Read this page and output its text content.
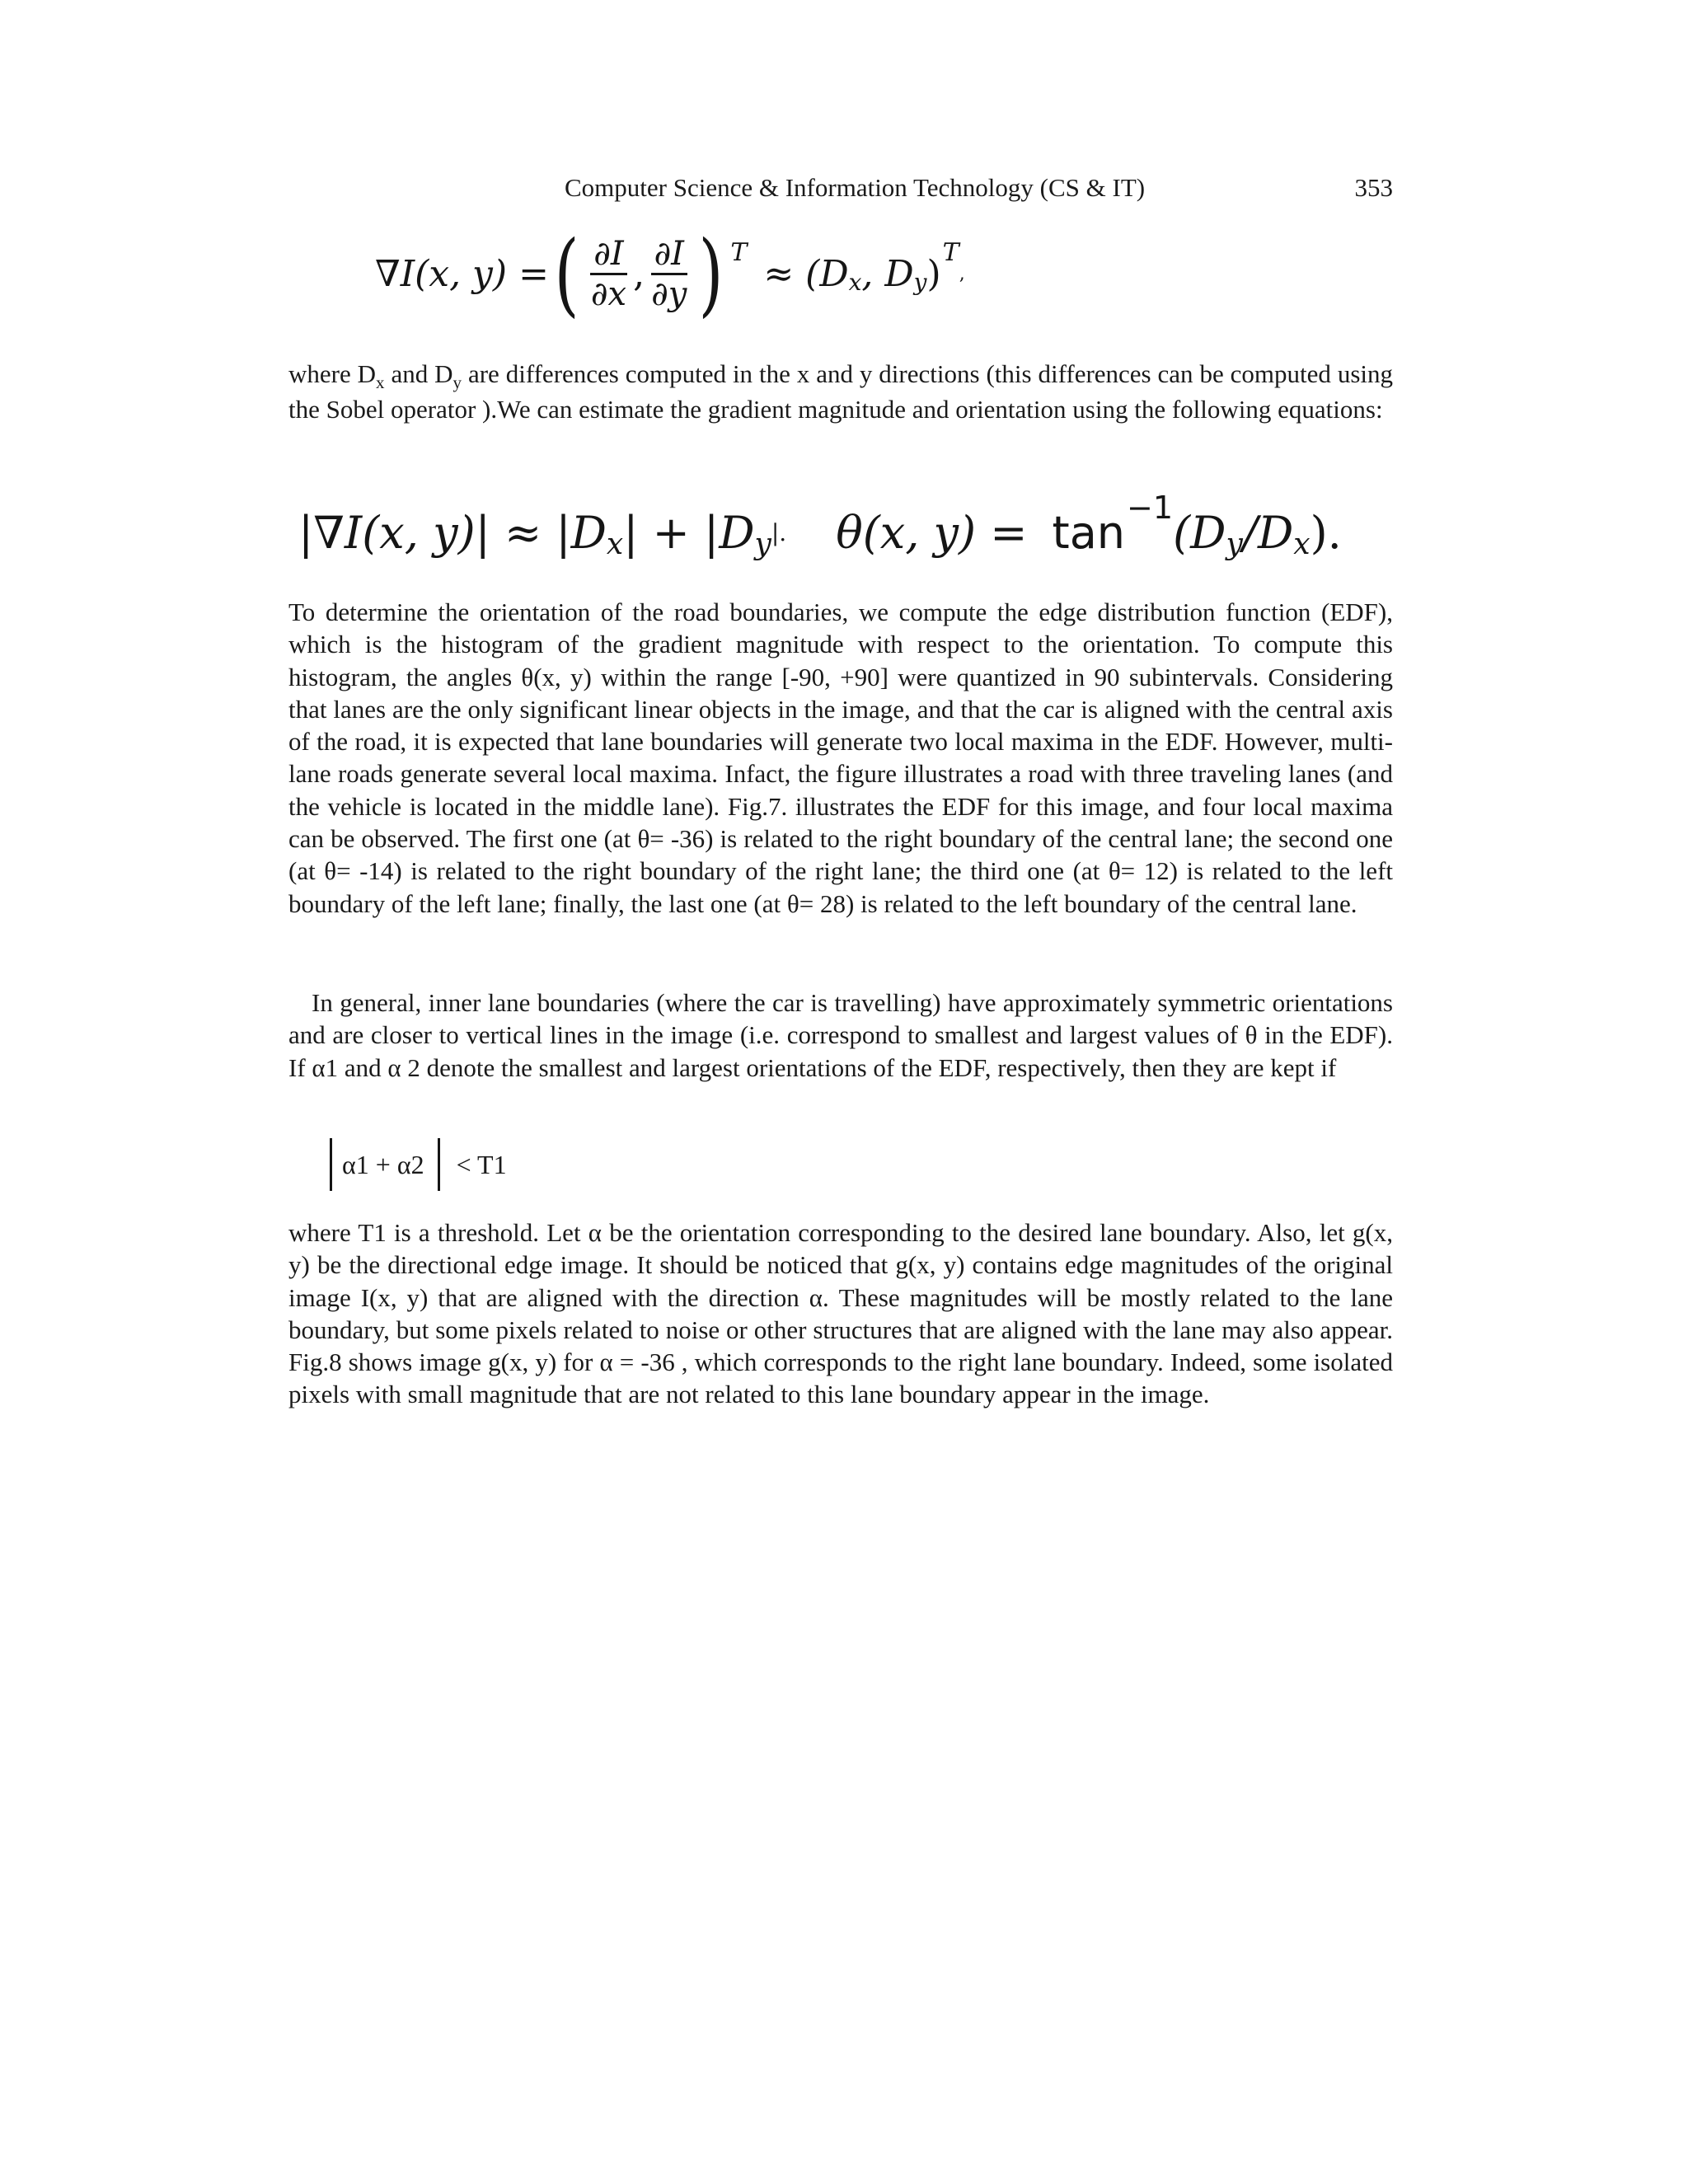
Computer Science & Information Technology (CS & IT)	353
∇I(x, y) = ( $\frac{\partial I}{\partial x}$ , $\frac{\partial I}{\partial y}$ ) T
≈ (D x , D y )
T
,

where $D_x$ and $D_y$ are differences computed in the x and y directions (this differences can be computed using the Sobel operator ).We can estimate the gradient magnitude and orientation using the following equations:

|∇I(x, y)| ≈ |D x | + |D y |. θ(x, y) = tan −1 (D y /D x ).

To determine the orientation of the road boundaries, we compute the edge distribution function (EDF), which is the histogram of the gradient magnitude with respect to the orientation. To compute this histogram, the angles θ(x, y) within the range [-90, +90] were quantized in 90 subintervals. Considering that lanes are the only significant linear objects in the image, and that the car is aligned with the central axis of the road, it is expected that lane boundaries will generate two local maxima in the EDF. However, multi-lane roads generate several local maxima. Infact, the figure illustrates a road with three traveling lanes (and the vehicle is located in the middle lane). Fig.7. illustrates the EDF for this image, and four local maxima can be observed. The first one (at θ= -36) is related to the right boundary of the central lane; the second one (at θ= -14) is related to the right boundary of the right lane; the third one (at θ= 12) is related to the left boundary of the left lane; finally, the last one (at θ= 28) is related to the left boundary of the central lane.

In general, inner lane boundaries (where the car is travelling) have approximately symmetric orientations and are closer to vertical lines in the image (i.e. correspond to smallest and largest values of θ in the EDF). If α1 and α 2 denote the smallest and largest orientations of the EDF, respectively, then they are kept if

α1 + α2 < T1

where T1 is a threshold. Let α be the orientation corresponding to the desired lane boundary. Also, let g(x, y) be the directional edge image. It should be noticed that g(x, y) contains edge magnitudes of the original image I(x, y) that are aligned with the direction α. These magnitudes will be mostly related to the lane boundary, but some pixels related to noise or other structures that are aligned with the lane may also appear. Fig.8 shows image g(x, y) for α = -36 , which corresponds to the right lane boundary. Indeed, some isolated pixels with small magnitude that are not related to this lane boundary appear in the image.
